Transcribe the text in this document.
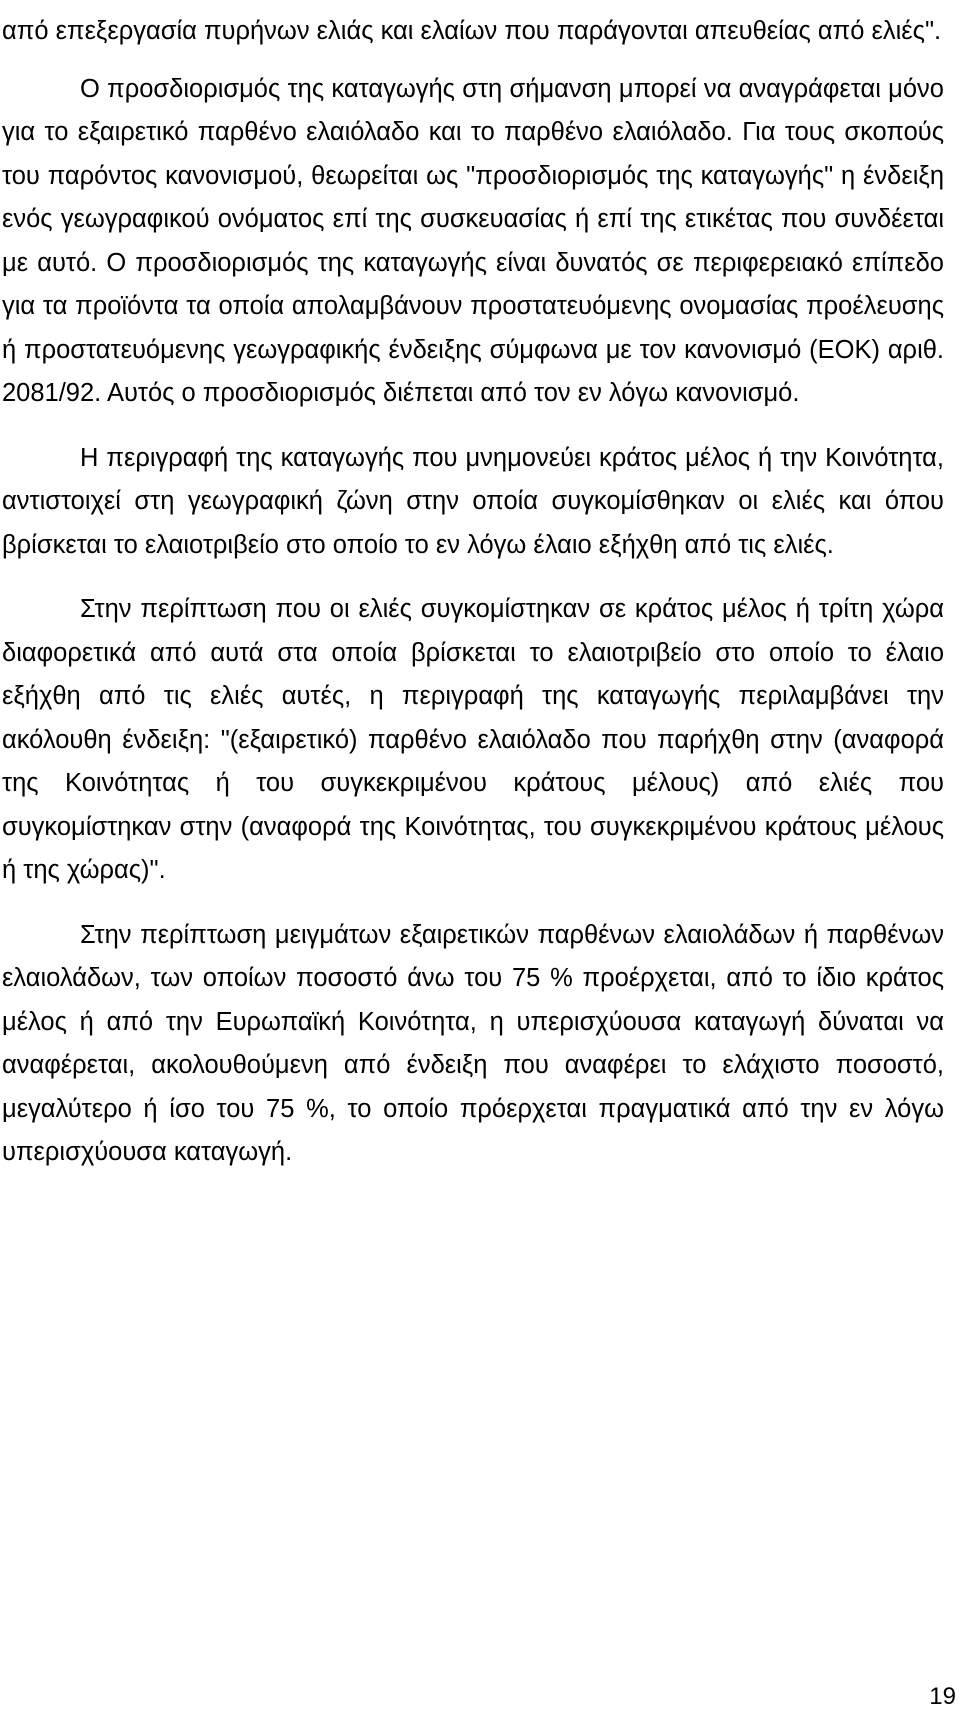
από επεξεργασία πυρήνων ελιάς και ελαίων που παράγονται απευθείας από ελιές".

Ο προσδιορισμός της καταγωγής στη σήμανση μπορεί να αναγράφεται μόνο για το εξαιρετικό παρθένο ελαιόλαδο και το παρθένο ελαιόλαδο. Για τους σκοπούς του παρόντος κανονισμού, θεωρείται ως "προσδιορισμός της καταγωγής" η ένδειξη ενός γεωγραφικού ονόματος επί της συσκευασίας ή επί της ετικέτας που συνδέεται με αυτό. Ο προσδιορισμός της καταγωγής είναι δυνατός σε περιφερειακό επίπεδο για τα προϊόντα τα οποία απολαμβάνουν προστατευόμενης ονομασίας προέλευσης ή προστατευόμενης γεωγραφικής ένδειξης σύμφωνα με τον κανονισμό (ΕΟΚ) αριθ. 2081/92. Αυτός ο προσδιορισμός διέπεται από τον εν λόγω κανονισμό.

Η περιγραφή της καταγωγής που μνημονεύει κράτος μέλος ή την Κοινότητα, αντιστοιχεί στη γεωγραφική ζώνη στην οποία συγκομίσθηκαν οι ελιές και όπου βρίσκεται το ελαιοτριβείο στο οποίο το εν λόγω έλαιο εξήχθη από τις ελιές.

Στην περίπτωση που οι ελιές συγκομίστηκαν σε κράτος μέλος ή τρίτη χώρα διαφορετικά από αυτά στα οποία βρίσκεται το ελαιοτριβείο στο οποίο το έλαιο εξήχθη από τις ελιές αυτές, η περιγραφή της καταγωγής περιλαμβάνει την ακόλουθη ένδειξη: "(εξαιρετικό) παρθένο ελαιόλαδο που παρήχθη στην (αναφορά της Κοινότητας ή του συγκεκριμένου κράτους μέλους) από ελιές που συγκομίστηκαν στην (αναφορά της Κοινότητας, του συγκεκριμένου κράτους μέλους ή της χώρας)".

Στην περίπτωση μειγμάτων εξαιρετικών παρθένων ελαιολάδων ή παρθένων ελαιολάδων, των οποίων ποσοστό άνω του 75 % προέρχεται, από το ίδιο κράτος μέλος ή από την Ευρωπαϊκή Κοινότητα, η υπερισχύουσα καταγωγή δύναται να αναφέρεται, ακολουθούμενη από ένδειξη που αναφέρει το ελάχιστο ποσοστό, μεγαλύτερο ή ίσο του 75 %, το οποίο πρόερχεται πραγματικά από την εν λόγω υπερισχύουσα καταγωγή.

19
